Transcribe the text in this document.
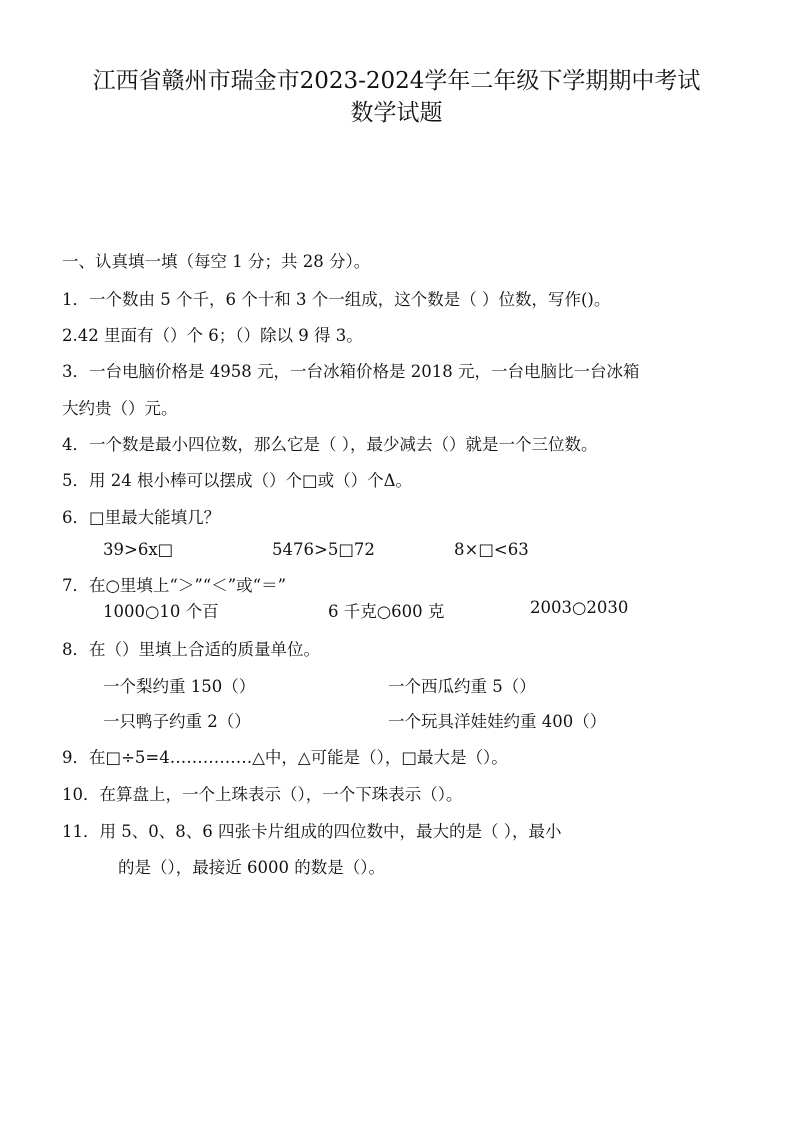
江西省赣州市瑞金市2023-2024学年二年级下学期期中考试
数学试题
一、认真填一填（每空 1 分；共 28 分）。
1．一个数由 5 个千，6 个十和 3 个一组成，这个数是（ ）位数，写作()。
2.42 里面有（）个 6；（）除以 9 得 3。
3．一台电脑价格是 4958 元，一台冰箱价格是 2018 元，一台电脑比一台冰箱
大约贵（）元。
4．一个数是最小四位数，那么它是（ ），最少减去（）就是一个三位数。
5．用 24 根小棒可以摆成（）个□或（）个Δ。
6．□里最大能填几？
39>6x□	5476>5□72	8×□<63
7．在○里填上“＞”“＜”或“＝”
1000○10 个百	6 千克○600 克	2003○2030
8．在（）里填上合适的质量单位。
一个梨约重 150（）	一个西瓜约重 5（）
一只鸭子约重 2（）	一个玩具洋娃娃约重 400（）
9．在□÷5=4……………△中，△可能是（），□最大是（）。
10．在算盘上，一个上珠表示（），一个下珠表示（）。
11．用 5、0、8、6 四张卡片组成的四位数中，最大的是（ ），最小
的是（），最接近 6000 的数是（）。
